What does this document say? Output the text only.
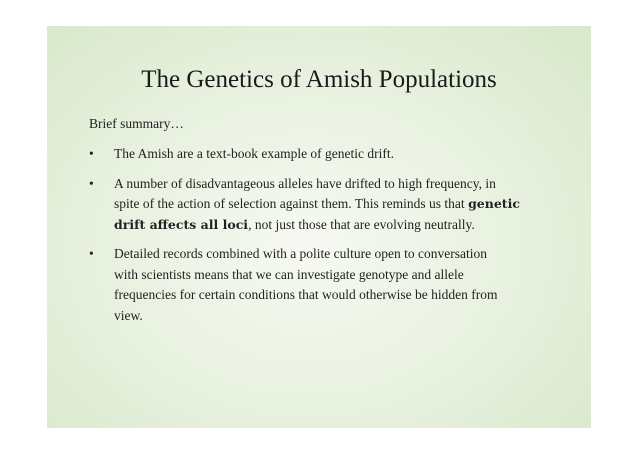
The Genetics of Amish Populations
Brief summary…
• The Amish are a text-book example of genetic drift.
• A number of disadvantageous alleles have drifted to high frequency, in
spite of the action of selection against them. This reminds us that genetic
drift affects all loci, not just those that are evolving neutrally.
• Detailed records combined with a polite culture open to conversation
with scientists means that we can investigate genotype and allele
frequencies for certain conditions that would otherwise be hidden from
view.
